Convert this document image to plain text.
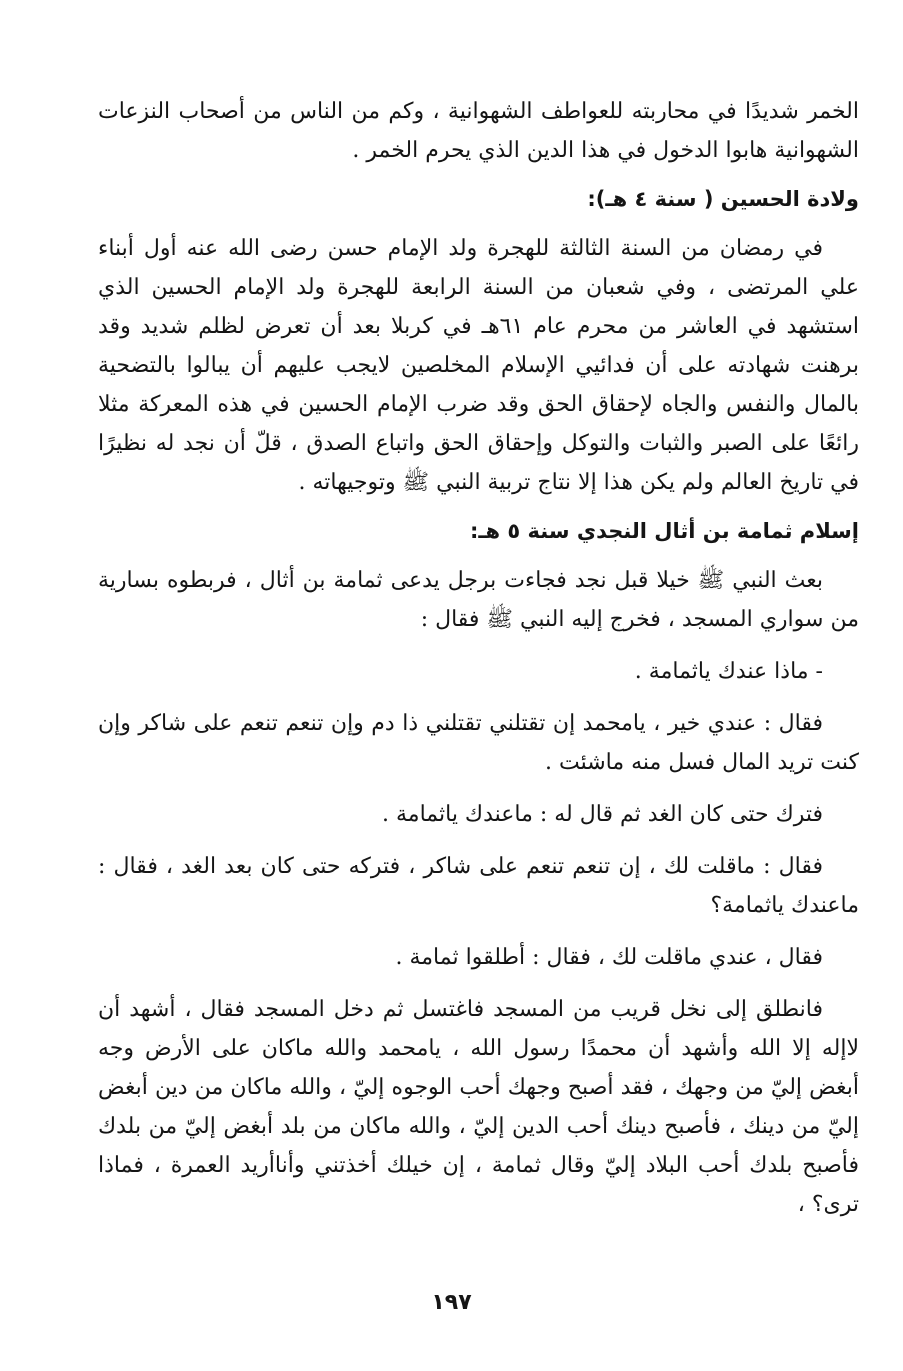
الخمر شديدًا في محاربته للعواطف الشهوانية ، وكم من الناس من أصحاب النزعات الشهوانية هابوا الدخول في هذا الدين الذي يحرم الخمر .

ولادة الحسين ( سنة ٤ هـ):

في رمضان من السنة الثالثة للهجرة ولد الإمام حسن رضى الله عنه أول أبناء علي المرتضى ، وفي شعبان من السنة الرابعة للهجرة ولد الإمام الحسين الذي استشهد في العاشر من محرم عام ٦١هـ في كربلا بعد أن تعرض لظلم شديد وقد برهنت شهادته على أن فدائيي الإسلام المخلصين لايجب عليهم أن يبالوا بالتضحية بالمال والنفس والجاه لإحقاق الحق وقد ضرب الإمام الحسين في هذه المعركة مثلا رائعًا على الصبر والثبات والتوكل وإحقاق الحق واتباع الصدق ، قلّ أن نجد له نظيرًا في تاريخ العالم ولم يكن هذا إلا نتاج تربية النبي ﷺ وتوجيهاته .

إسلام ثمامة بن أثال النجدي سنة ٥ هـ:

بعث النبي ﷺ خيلا قبل نجد فجاءت برجل يدعى ثمامة بن أثال ، فربطوه بسارية من سواري المسجد ، فخرج إليه النبي ﷺ فقال :

- ماذا عندك ياثمامة .

فقال : عندي خير ، يامحمد إن تقتلني تقتلني ذا دم وإن تنعم تنعم على شاكر وإن كنت تريد المال فسل منه ماشئت .

فترك حتى كان الغد ثم قال له : ماعندك ياثمامة .

فقال : ماقلت لك ، إن تنعم تنعم على شاكر ، فتركه حتى كان بعد الغد ، فقال : ماعندك ياثمامة؟

فقال ، عندي ماقلت لك ، فقال : أطلقوا ثمامة .

فانطلق إلى نخل قريب من المسجد فاغتسل ثم دخل المسجد فقال ، أشهد أن لاإله إلا الله وأشهد أن محمدًا رسول الله ، يامحمد والله ماكان على الأرض وجه أبغض إليّ من وجهك ، فقد أصبح وجهك أحب الوجوه إليّ ، والله ماكان من دين أبغض إليّ من دينك ، فأصبح دينك أحب الدين إليّ ، والله ماكان من بلد أبغض إليّ من بلدك فأصبح بلدك أحب البلاد إليّ وقال ثمامة ، إن خيلك أخذتني وأناأريد العمرة ، فماذا ترى؟ ،

١٩٧
